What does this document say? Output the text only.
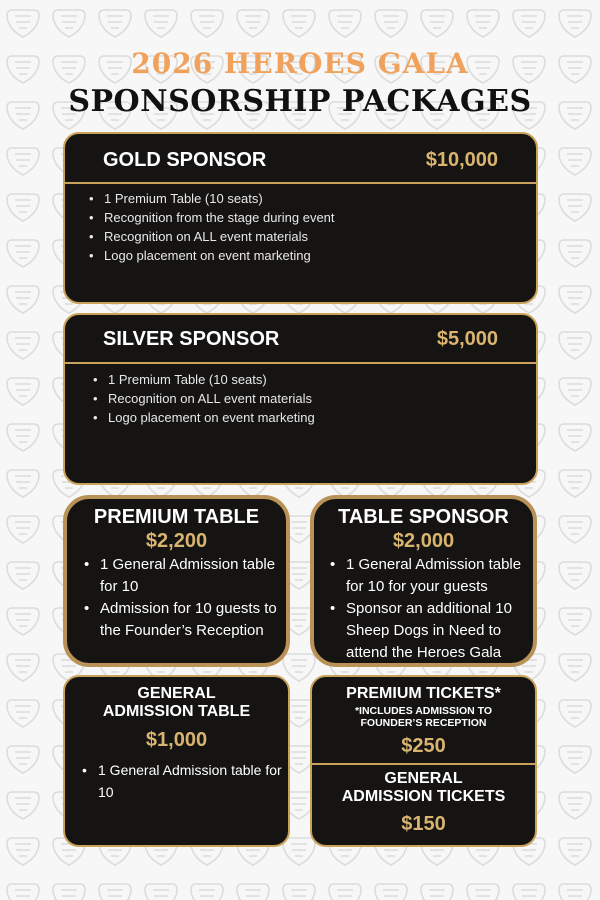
2026 HEROES GALA
SPONSORSHIP PACKAGES
GOLD SPONSOR	$10,000
• 1 Premium Table (10 seats)
• Recognition from the stage during event
• Recognition on ALL event materials
• Logo placement on event marketing
SILVER SPONSOR	$5,000
• 1 Premium Table (10 seats)
• Recognition on ALL event materials
• Logo placement on event marketing
PREMIUM TABLE
$2,200
• 1 General Admission table for 10
• Admission for 10 guests to the Founder’s Reception
TABLE SPONSOR
$2,000
• 1 General Admission table for 10 for your guests
• Sponsor an additional 10 Sheep Dogs in Need to attend the Heroes Gala
GENERAL
ADMISSION TABLE
$1,000
• 1 General Admission table for 10
PREMIUM TICKETS*
*INCLUDES ADMISSION TO
FOUNDER’S RECEPTION
$250
GENERAL
ADMISSION TICKETS
$150
